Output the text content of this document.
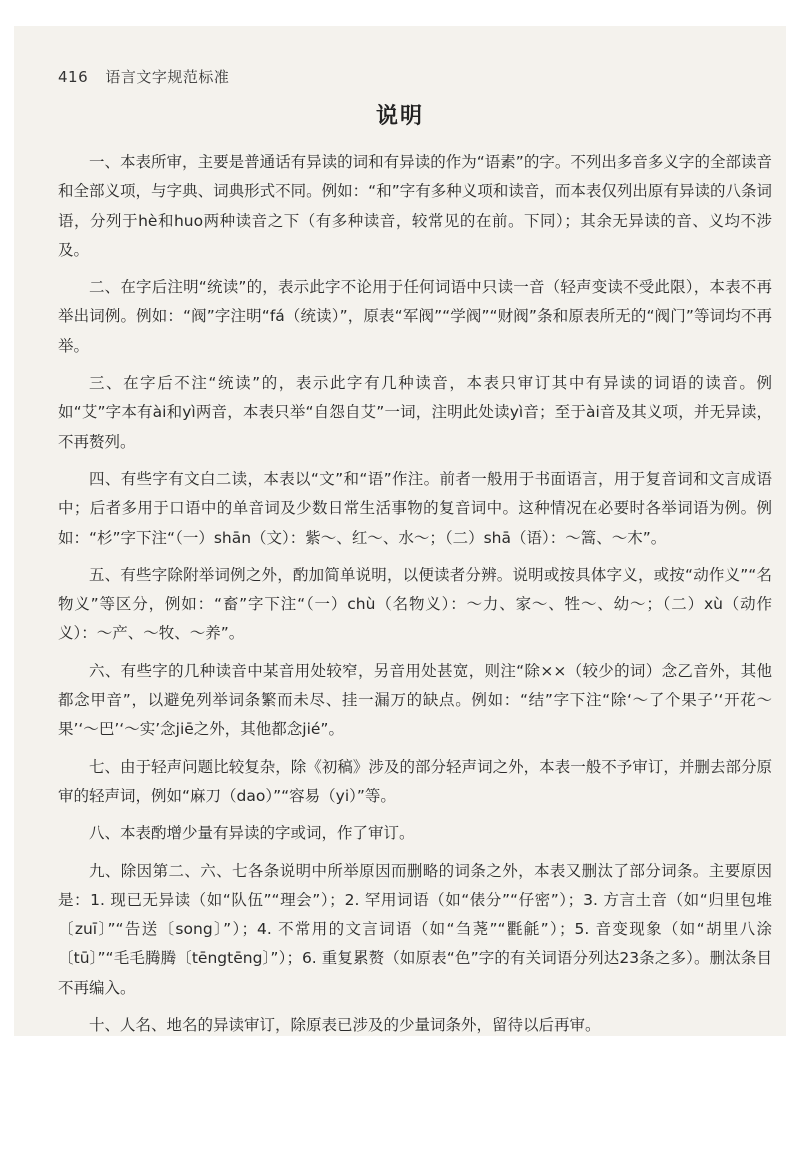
416 语言文字规范标准
说明

一、本表所审，主要是普通话有异读的词和有异读的作为“语素”的字。不列出多音多义字的全部读音和全部义项，与字典、词典形式不同。例如：“和”字有多种义项和读音，而本表仅列出原有异读的八条词语，分列于hè和huo两种读音之下（有多种读音，较常见的在前。下同）；其余无异读的音、义均不涉及。

二、在字后注明“统读”的，表示此字不论用于任何词语中只读一音（轻声变读不受此限），本表不再举出词例。例如：“阀”字注明“fá（统读）”，原表“军阀”“学阀”“财阀”条和原表所无的“阀门”等词均不再举。

三、在字后不注“统读”的，表示此字有几种读音，本表只审订其中有异读的词语的读音。例如“艾”字本有ài和yì两音，本表只举“自怨自艾”一词，注明此处读yì音；至于ài音及其义项，并无异读，不再赘列。

四、有些字有文白二读，本表以“文”和“语”作注。前者一般用于书面语言，用于复音词和文言成语中；后者多用于口语中的单音词及少数日常生活事物的复音词中。这种情况在必要时各举词语为例。例如：“杉”字下注“（一）shān（文）：紫～、红～、水～；（二）shā（语）：～篙、～木”。

五、有些字除附举词例之外，酌加简单说明，以便读者分辨。说明或按具体字义，或按“动作义”“名物义”等区分，例如：“畜”字下注“（一）chù（名物义）：～力、家～、牲～、幼～；（二）xù（动作义）：～产、～牧、～养”。

六、有些字的几种读音中某音用处较窄，另音用处甚宽，则注“除××（较少的词）念乙音外，其他都念甲音”，以避免列举词条繁而未尽、挂一漏万的缺点。例如：“结”字下注“除‘～了个果子’‘开花～果’‘～巴’‘～实’念jiē之外，其他都念jié”。

七、由于轻声问题比较复杂，除《初稿》涉及的部分轻声词之外，本表一般不予审订，并删去部分原审的轻声词，例如“麻刀（dao）”“容易（yi）”等。

八、本表酌增少量有异读的字或词，作了审订。

九、除因第二、六、七各条说明中所举原因而删略的词条之外，本表又删汰了部分词条。主要原因是：1. 现已无异读（如“队伍”“理会”）；2. 罕用词语（如“俵分”“仔密”）；3. 方言土音（如“归里包堆〔zuī〕”“告送〔song〕”）；4. 不常用的文言词语（如“刍荛”“氍毹”）；5. 音变现象（如“胡里八涂〔tū〕”“毛毛腾腾〔tēngtēng〕”）；6. 重复累赘（如原表“色”字的有关词语分列达23条之多）。删汰条目不再编入。

十、人名、地名的异读审订，除原表已涉及的少量词条外，留待以后再审。
